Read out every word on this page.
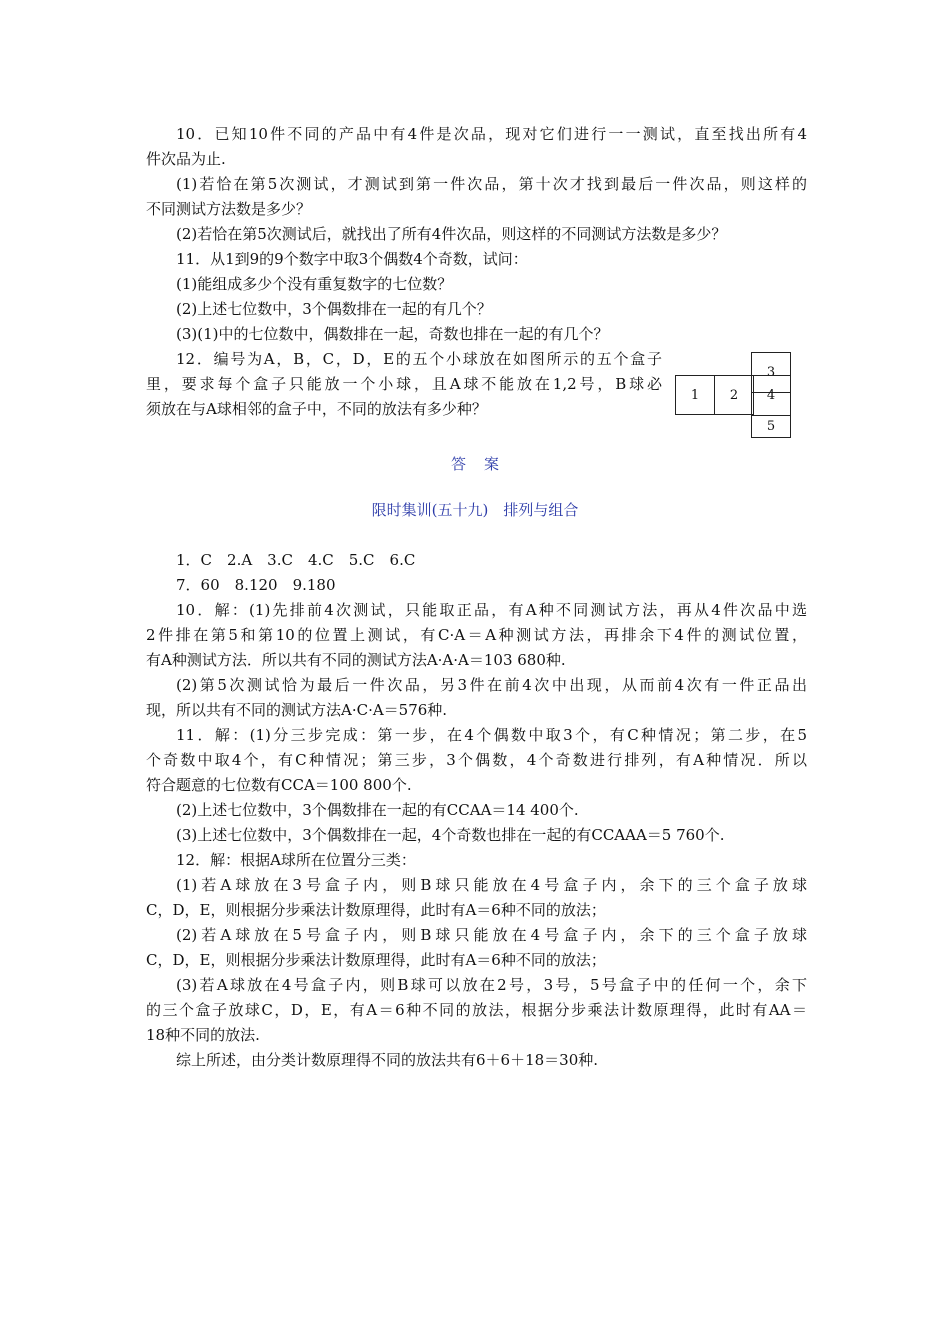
10．已知10件不同的产品中有4件是次品，现对它们进行一一测试，直至找出所有4
件次品为止.
(1)若恰在第5次测试，才测试到第一件次品，第十次才找到最后一件次品，则这样的
不同测试方法数是多少？
(2)若恰在第5次测试后，就找出了所有4件次品，则这样的不同测试方法数是多少？
11．从1到9的9个数字中取3个偶数4个奇数，试问：
(1)能组成多少个没有重复数字的七位数？
(2)上述七位数中，3个偶数排在一起的有几个？
(3)(1)中的七位数中，偶数排在一起，奇数也排在一起的有几个？
12．编号为A，B，C，D，E的五个小球放在如图所示的五个盒子
里，要求每个盒子只能放一个小球，且A球不能放在1,2号，B球必
须放在与A球相邻的盒子中，不同的放法有多少种？
1	2
3
4
5
答案
限时集训(五十九)　排列与组合
1．C　2.A　3.C　4.C　5.C　6.C
7．60　8.120　9.180
10．解：(1)先排前4次测试，只能取正品，有A种不同测试方法，再从4件次品中选
2件排在第5和第10的位置上测试，有C·A＝A种测试方法，再排余下4件的测试位置，
有A种测试方法．所以共有不同的测试方法A·A·A＝103 680种.
(2)第5次测试恰为最后一件次品，另3件在前4次中出现，从而前4次有一件正品出
现，所以共有不同的测试方法A·C·A＝576种.
11．解：(1)分三步完成：第一步，在4个偶数中取3个，有C种情况；第二步，在5
个奇数中取4个，有C种情况；第三步，3个偶数，4个奇数进行排列，有A种情况．所以
符合题意的七位数有CCA＝100 800个.
(2)上述七位数中，3个偶数排在一起的有CCAA＝14 400个.
(3)上述七位数中，3个偶数排在一起，4个奇数也排在一起的有CCAAA＝5 760个.
12．解：根据A球所在位置分三类：
(1)若A球放在3号盒子内，则B球只能放在4号盒子内，余下的三个盒子放球
C，D，E，则根据分步乘法计数原理得，此时有A＝6种不同的放法；
(2)若A球放在5号盒子内，则B球只能放在4号盒子内，余下的三个盒子放球
C，D，E，则根据分步乘法计数原理得，此时有A＝6种不同的放法；
(3)若A球放在4号盒子内，则B球可以放在2号，3号，5号盒子中的任何一个，余下
的三个盒子放球C，D，E，有A＝6种不同的放法，根据分步乘法计数原理得，此时有AA＝
18种不同的放法.
综上所述，由分类计数原理得不同的放法共有6＋6＋18＝30种.
